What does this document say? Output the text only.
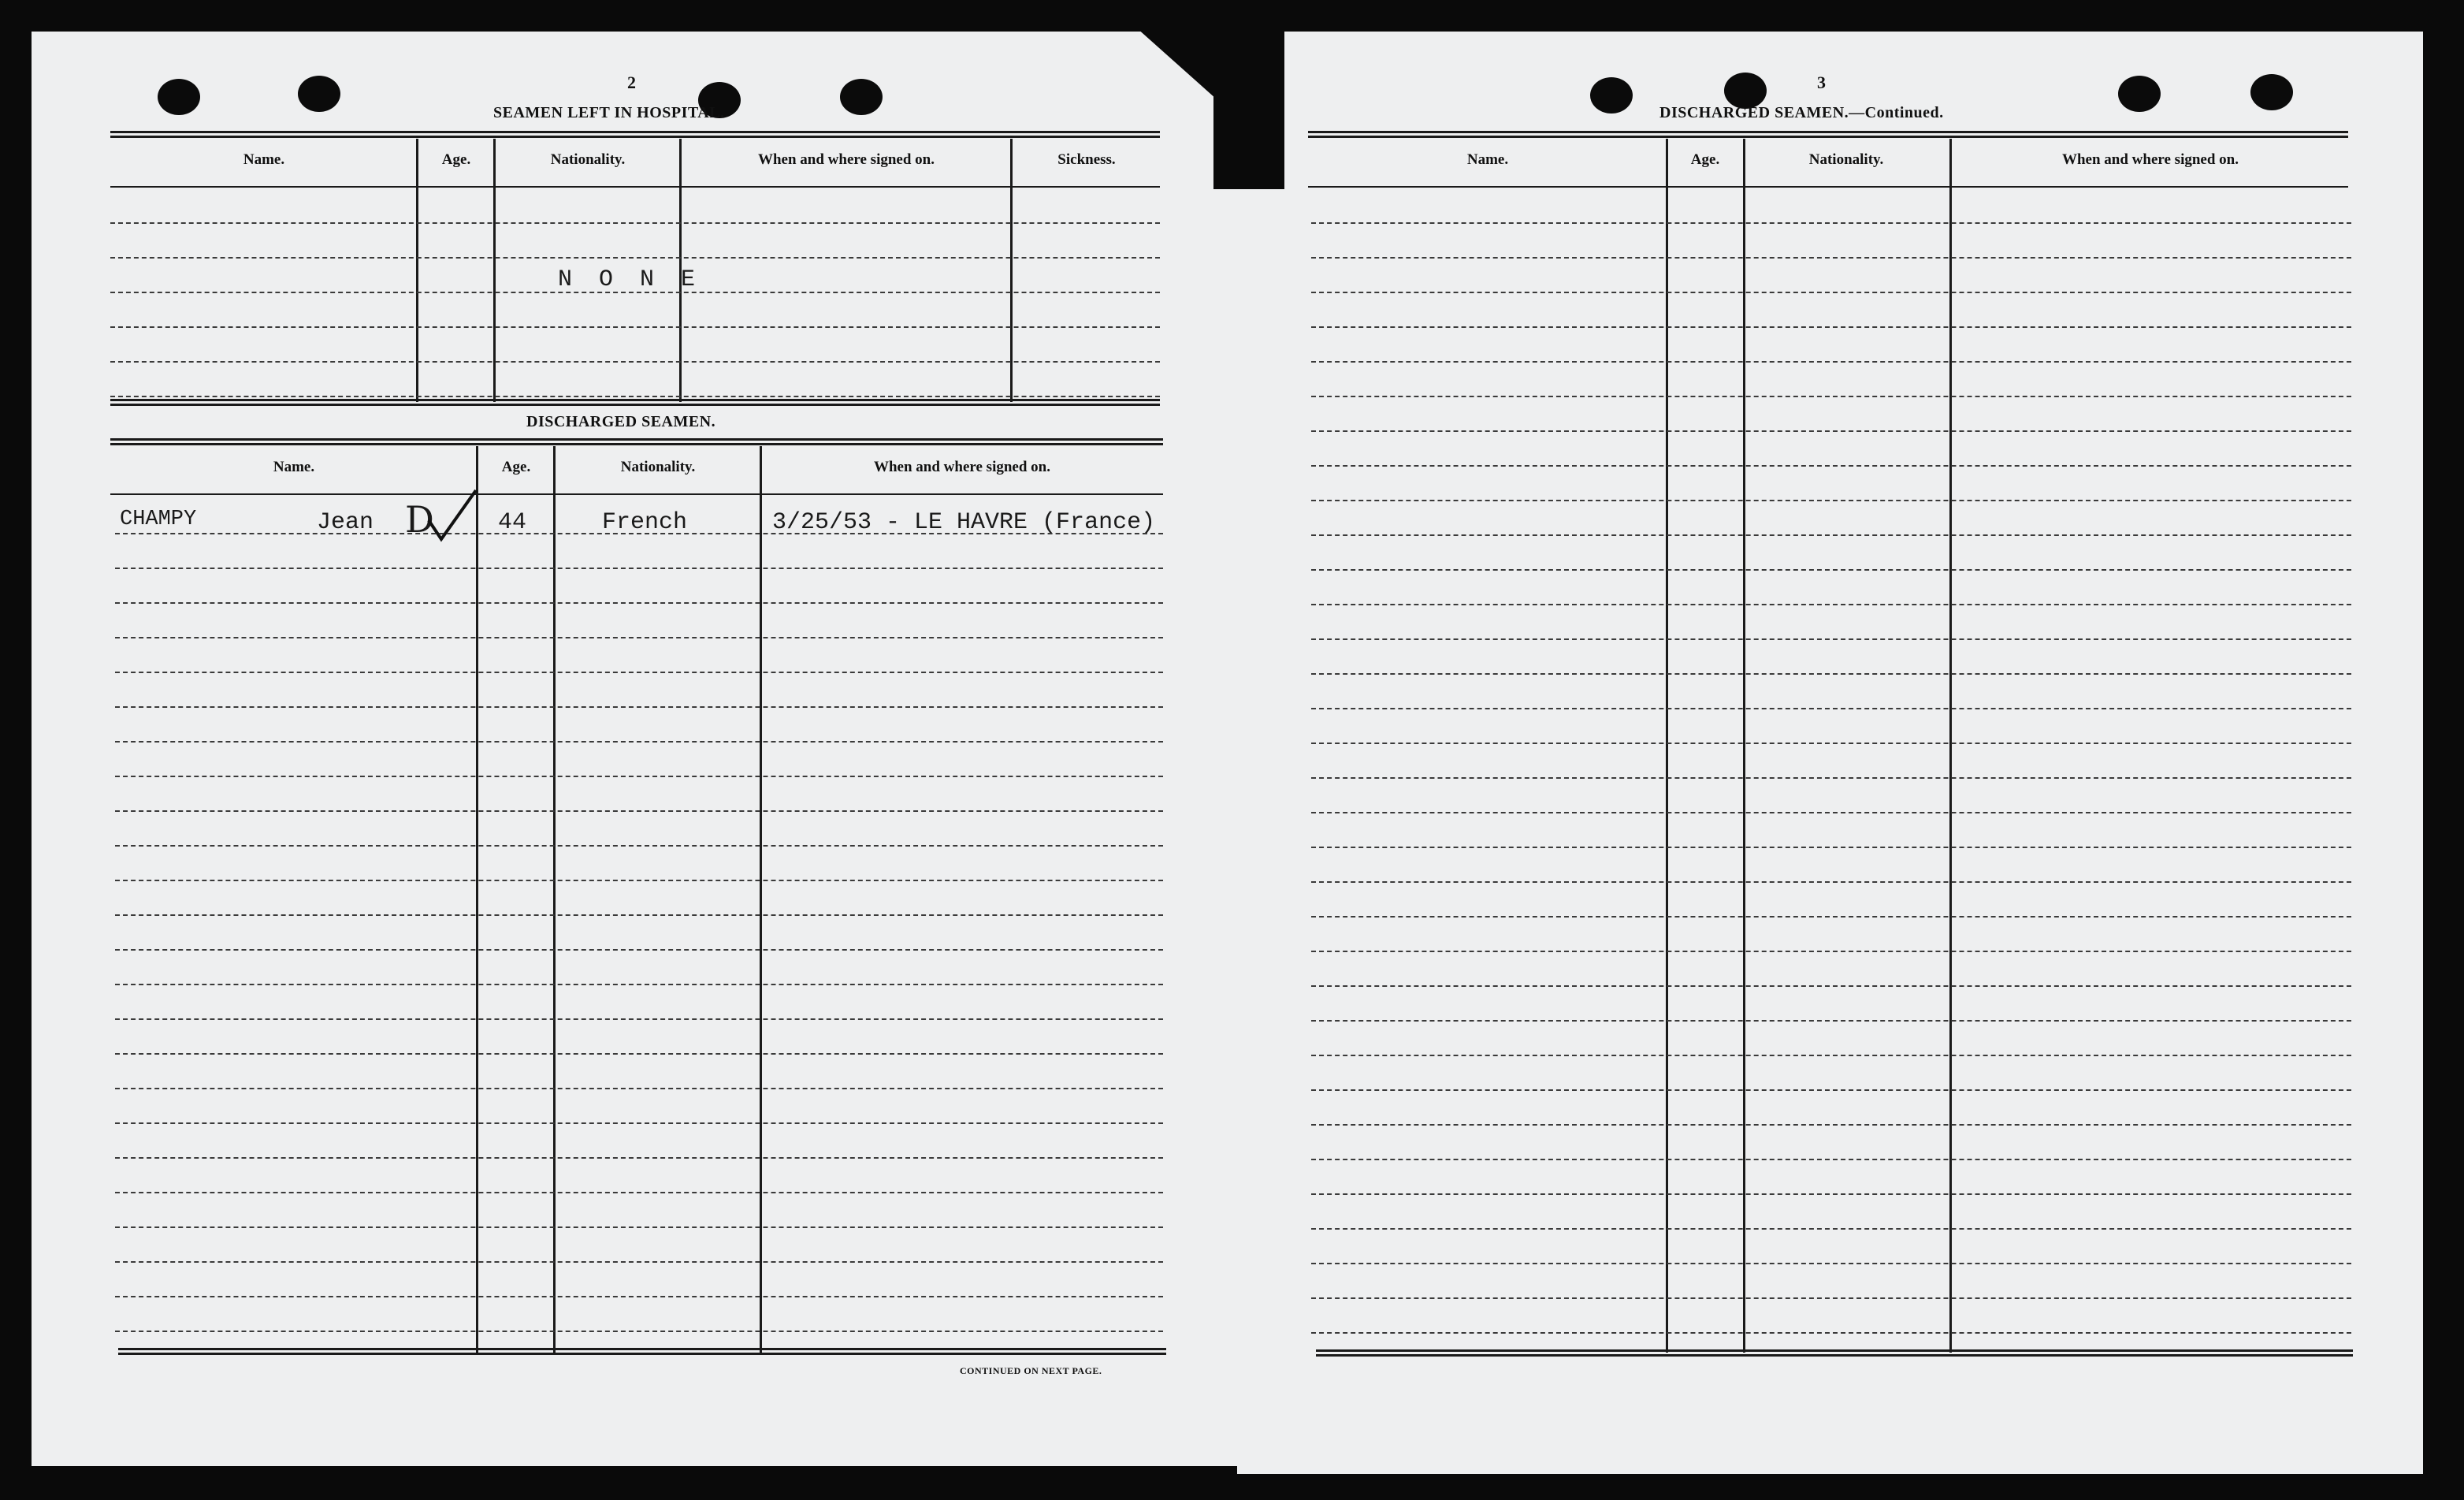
2
SEAMEN LEFT IN HOSPITAL.
Name.	Age.	Nationality.	When and where signed on.	Sickness.
NONE
DISCHARGED SEAMEN.
Name.	Age.	Nationality.	When and where signed on.
CHAMPY	Jean D	44	French	3/25/53 - LE HAVRE (France)
CONTINUED ON NEXT PAGE.
3
DISCHARGED SEAMEN.—Continued.
Name.	Age.	Nationality.	When and where signed on.
